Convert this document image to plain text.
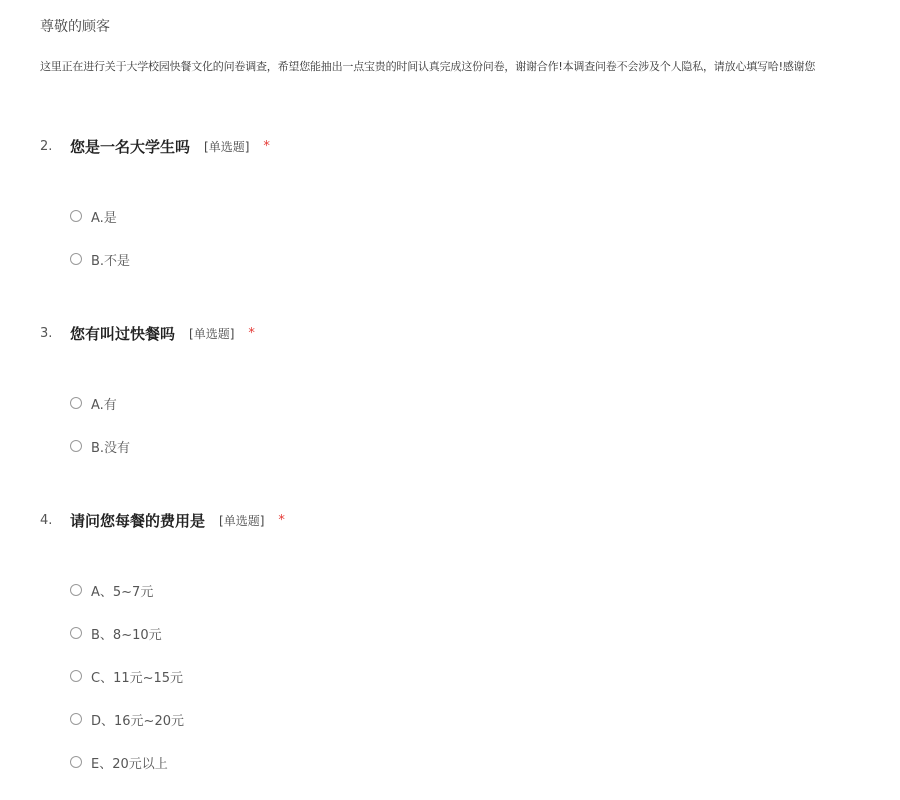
尊敬的顾客
这里正在进行关于大学校园快餐文化的问卷调查，希望您能抽出一点宝贵的时间认真完成这份问卷，谢谢合作!本调查问卷不会涉及个人隐私，请放心填写哈!感谢您
2.	您是一名大学生吗 [单选题] *
A.是
B.不是
3.	您有叫过快餐吗 [单选题] *
A.有
B.没有
4.	请问您每餐的费用是 [单选题] *
A、5~7元
B、8~10元
C、11元~15元
D、16元~20元
E、20元以上
